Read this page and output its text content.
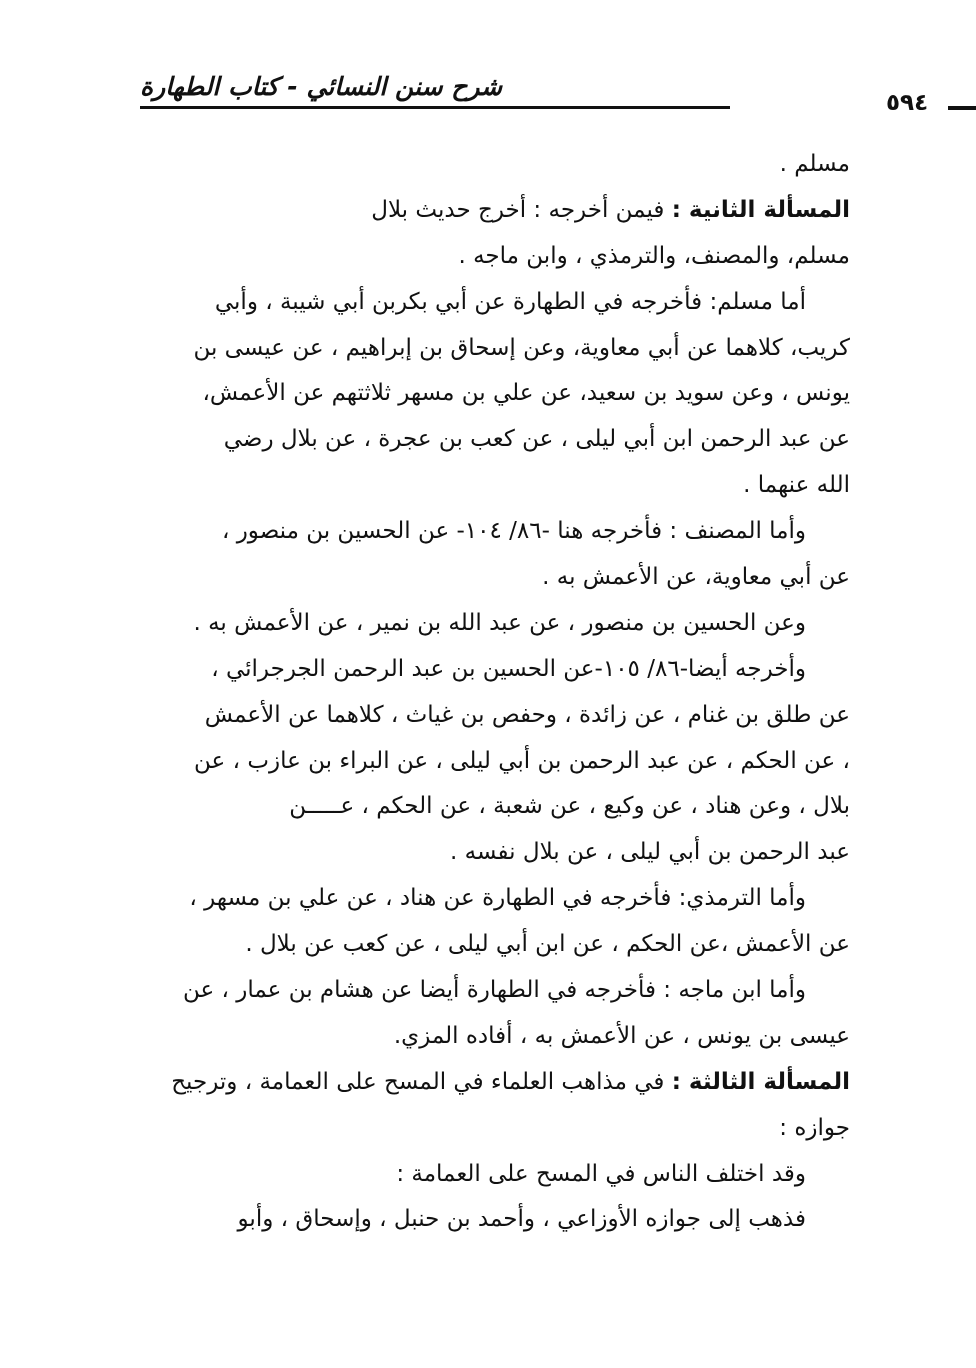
شرح سنن النسائي - كتاب الطهارة
٥٩٤
مسلم .
المسألة الثانية : فيمن أخرجه : أخرج حديث بلال
مسلم، والمصنف، والترمذي ، وابن ماجه .
أما مسلم: فأخرجه في الطهارة عن أبي بكربن أبي شيبة ، وأبي
كريب، كلاهما عن أبي معاوية، وعن إسحاق بن إبراهيم ، عن عيسى بن
يونس ، وعن سويد بن سعيد، عن علي بن مسهر ثلاثتهم عن الأعمش،
عن عبد الرحمن ابن أبي ليلى ، عن كعب بن عجرة ، عن بلال رضي
الله عنهما .
وأما المصنف : فأخرجه هنا -٨٦/ ١٠٤- عن الحسين بن منصور ،
عن أبي معاوية، عن الأعمش به .
وعن الحسين بن منصور ، عن عبد الله بن نمير ، عن الأعمش به .
وأخرجه أيضا-٨٦/ ١٠٥-عن الحسين بن عبد الرحمن الجرجرائي ،
عن طلق بن غنام ، عن زائدة ، وحفص بن غياث ، كلاهما عن الأعمش
، عن الحكم ، عن عبد الرحمن بن أبي ليلى ، عن البراء بن عازب ، عن
بلال ، وعن هناد ، عن وكيع ، عن شعبة ، عن الحكم ، عـــــن
عبد الرحمن بن أبي ليلى ، عن بلال نفسه .
وأما الترمذي: فأخرجه في الطهارة عن هناد ، عن علي بن مسهر ،
عن الأعمش ،عن الحكم ، عن ابن أبي ليلى ، عن كعب عن بلال .
وأما ابن ماجه : فأخرجه في الطهارة أيضا عن هشام بن عمار ، عن
عيسى بن يونس ، عن الأعمش به ، أفاده المزي.
المسألة الثالثة : في مذاهب العلماء في المسح على العمامة ، وترجيح
جوازه :
وقد اختلف الناس في المسح على العمامة :
فذهب إلى جوازه الأوزاعي ، وأحمد بن حنبل ، وإسحاق ، وأبو
